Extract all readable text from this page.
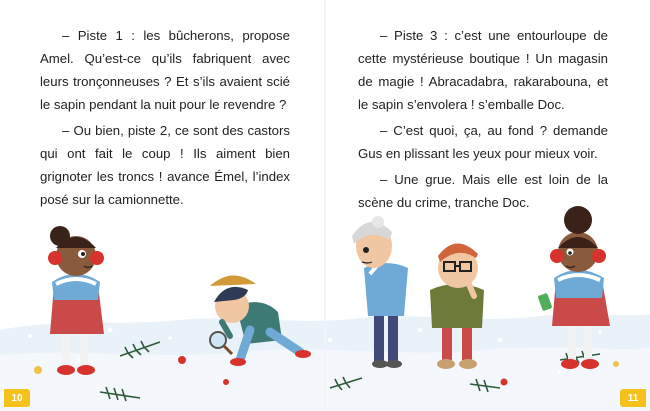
– Piste 1 : les bûcherons, propose Amel. Qu’est-ce qu’ils fabriquent avec leurs tronçonneuses ? Et s’ils avaient scié le sapin pendant la nuit pour le revendre ?

– Ou bien, piste 2, ce sont des castors qui ont fait le coup ! Ils aiment bien grignoter les troncs ! avance Émel, l’index posé sur la camionnette.

– Piste 3 : c’est une entourloupe de cette mystérieuse boutique ! Un magasin de magie ! Abracadabra, rakarabouna, et le sapin s’envolera ! s’emballe Doc.

– C’est quoi, ça, au fond ? demande Gus en plissant les yeux pour mieux voir.

– Une grue. Mais elle est loin de la scène du crime, tranche Doc.

10	11
